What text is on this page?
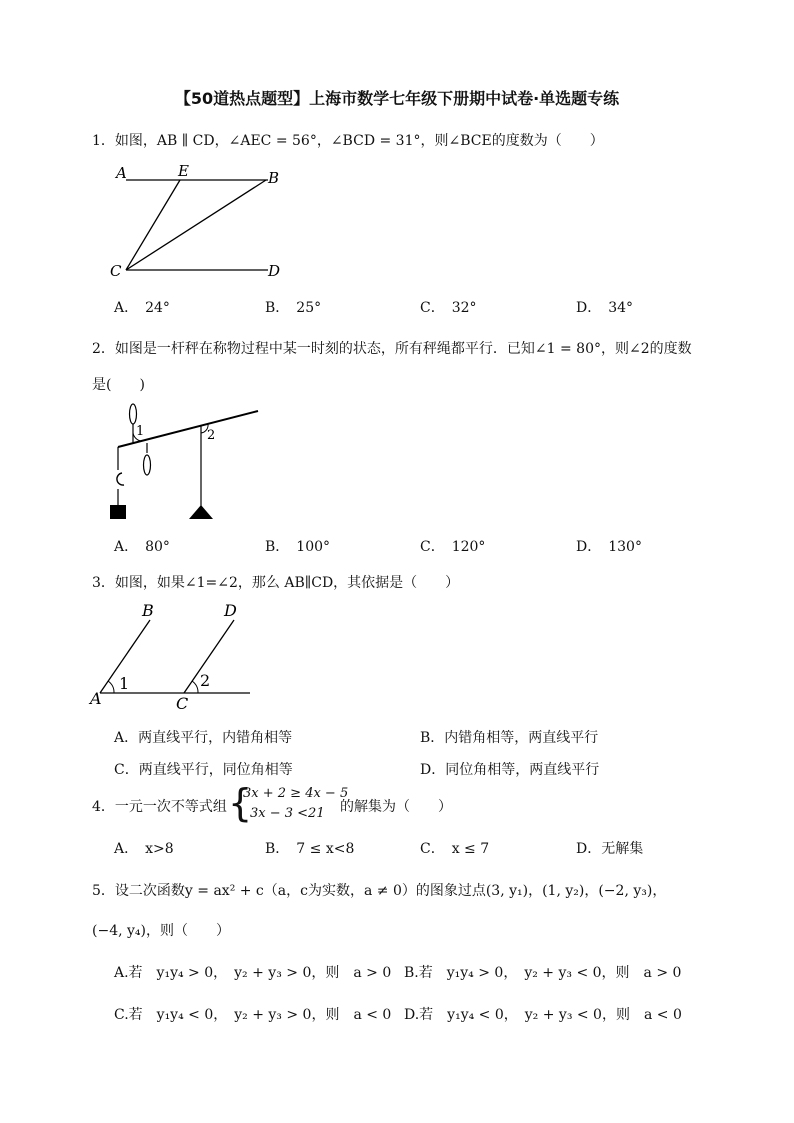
【50道热点题型】上海市数学七年级下册期中试卷·单选题专练
1．如图，AB ∥ CD，∠AEC = 56°，∠BCD = 31°，则∠BCE的度数为（　　）
A	E	B
C	D
A．　24°	B．　25°	C．　32°	D．　34°
2．如图是一杆秤在称物过程中某一时刻的状态，所有秤绳都平行．已知∠1 = 80°，则∠2的度数
是(　　)
1	2
A．　80°	B．　100°	C．　120°	D．　130°
3．如图，如果∠1=∠2，那么 AB∥CD，其依据是（　　）
B	D
A	C
1	2
A．两直线平行，内错角相等	B．内错角相等，两直线平行
C．两直线平行，同位角相等	D．同位角相等，两直线平行
4．一元一次不等式组 {
3x + 2 ≥ 4x − 5
3x − 3 <21 的解集为（　　）
A．　x>8	B．　7 ≤ x<8	C．　x ≤ 7	D．无解集
5．设二次函数y = ax² + c（a，c为实数，a ≠ 0）的图象过点(3, y₁)，(1, y₂)，(−2, y₃)，
(−4, y₄)，则（　　）
A.若　y₁y₄ > 0，　y₂ + y₃ > 0，则　a > 0 B.若　y₁y₄ > 0，　y₂ + y₃ < 0，则　a > 0
C.若　y₁y₄ < 0，　y₂ + y₃ > 0，则　a < 0 D.若　y₁y₄ < 0，　y₂ + y₃ < 0，则　a < 0
